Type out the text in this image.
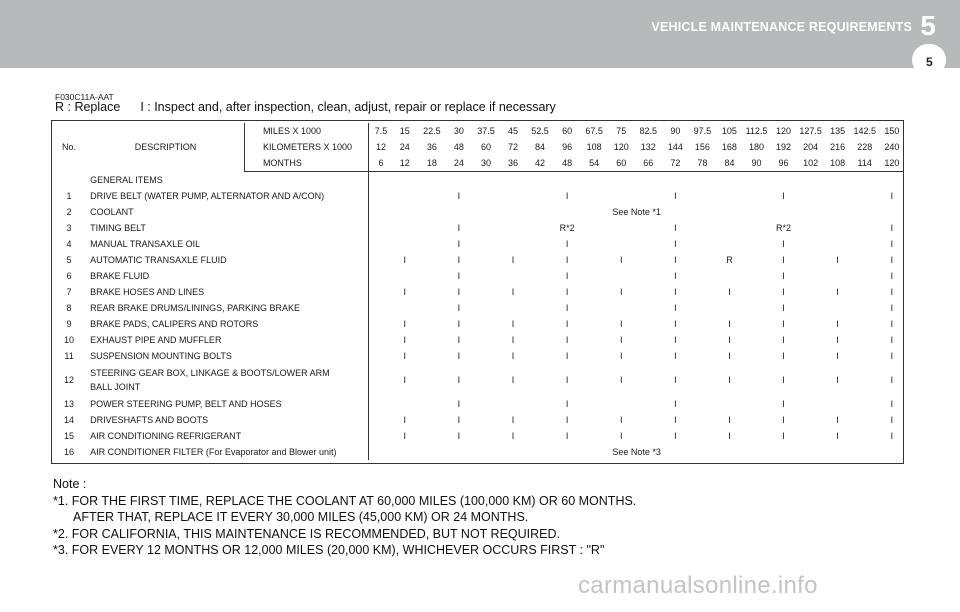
VEHICLE MAINTENANCE REQUIREMENTS 5
5
F030C11A-AAT
R : Replace I : Inspect and, after inspection, clean, adjust, repair or replace if necessary
No.	DESCRIPTION	MILES X 1000	7.5	15	22.5	30	37.5	45	52.5	60	67.5	75	82.5	90	97.5	105	112.5	120	127.5	135	142.5	150
		KILOMETERS X 1000	12	24	36	48	60	72	84	96	108	120	132	144	156	168	180	192	204	216	228	240
		MONTHS	6	12	18	24	30	36	42	48	54	60	66	72	78	84	90	96	102	108	114	120
	GENERAL ITEMS																					
1	DRIVE BELT (WATER PUMP, ALTERNATOR AND A/CON)					I				I				I				I				I
2	COOLANT		See Note *1																			
3	TIMING BELT					I				R*2				I				R*2				I
4	MANUAL TRANSAXLE OIL					I				I				I				I				I
5	AUTOMATIC TRANSAXLE FLUID			I		I		I		I		I		I		R		I		I		I
6	BRAKE FLUID					I				I				I				I				I
7	BRAKE HOSES AND LINES			I		I		I		I		I		I		I		I		I		I
8	REAR BRAKE DRUMS/LININGS, PARKING BRAKE					I				I				I				I				I
9	BRAKE PADS, CALIPERS AND ROTORS			I		I		I		I		I		I		I		I		I		I
10	EXHAUST PIPE AND MUFFLER			I		I		I		I		I		I		I		I		I		I
11	SUSPENSION MOUNTING BOLTS			I		I		I		I		I		I		I		I		I		I
12	STEERING GEAR BOX, LINKAGE & BOOTS/LOWER ARM
BALL JOINT			I		I		I		I		I		I		I		I		I		I
13	POWER STEERING PUMP, BELT AND HOSES					I				I				I				I				I
14	DRIVESHAFTS AND BOOTS			I		I		I		I		I		I		I		I		I		I
15	AIR CONDITIONING REFRIGERANT			I		I		I		I		I		I		I		I		I		I
16	AIR CONDITIONER FILTER (For Evaporator and Blower unit)		See Note *3																			
Note :
*1. FOR THE FIRST TIME, REPLACE THE COOLANT AT 60,000 MILES (100,000 KM) OR 60 MONTHS.
AFTER THAT, REPLACE IT EVERY 30,000 MILES (45,000 KM) OR 24 MONTHS.
*2. FOR CALIFORNIA, THIS MAINTENANCE IS RECOMMENDED, BUT NOT REQUIRED.
*3. FOR EVERY 12 MONTHS OR 12,000 MILES (20,000 KM), WHICHEVER OCCURS FIRST : "R"
carmanualsonline.info
